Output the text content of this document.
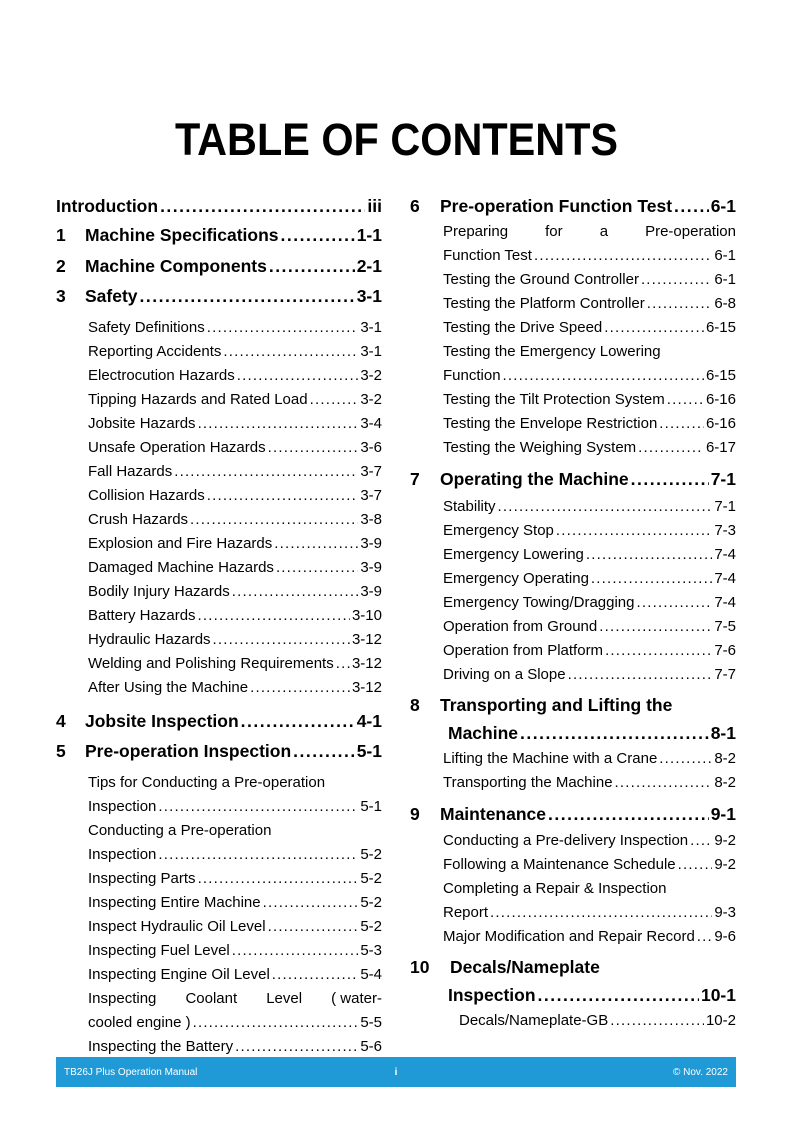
TABLE OF CONTENTS
Introduction .....	iii
1	Machine Specifications .....	1-1
2	Machine Components .....	2-1
3	Safety .....	3-1
Safety Definitions .....	3-1
Reporting Accidents .....	3-1
Electrocution Hazards .....	3-2
Tipping Hazards and Rated Load .....	3-2
Jobsite Hazards .....	3-4
Unsafe Operation Hazards .....	3-6
Fall Hazards .....	3-7
Collision Hazards .....	3-7
Crush Hazards .....	3-8
Explosion and Fire Hazards .....	3-9
Damaged Machine Hazards .....	3-9
Bodily Injury Hazards .....	3-9
Battery Hazards .....	3-10
Hydraulic Hazards .....	3-12
Welding and Polishing Requirements ..... 3-12
After Using the Machine .....	3-12
4	Jobsite Inspection .....	4-1
5	Pre-operation Inspection .....	5-1
Tips for Conducting a Pre-operation
Inspection .....	5-1
Conducting a Pre-operation
Inspection .....	5-2
Inspecting Parts .....	5-2
Inspecting Entire Machine .....	5-2
Inspect Hydraulic Oil Level .....	5-2
Inspecting Fuel Level .....	5-3
Inspecting Engine Oil Level .....	5-4
Inspecting Coolant Level ( water-
cooled engine ) .....	5-5
Inspecting the Battery .....	5-6
6	Pre-operation Function Test ..... 6-1
Preparing for a Pre-operation
Function Test .....	6-1
Testing the Ground Controller .....	6-1
Testing the Platform Controller .....	6-8
Testing the Drive Speed .....	6-15
Testing the Emergency Lowering
Function .....	6-15
Testing the Tilt Protection System .....	6-16
Testing the Envelope Restriction .....	6-16
Testing the Weighing System .....	6-17
7	Operating the Machine .....	7-1
Stability .....	7-1
Emergency Stop .....	7-3
Emergency Lowering .....	7-4
Emergency Operating .....	7-4
Emergency Towing/Dragging .....	7-4
Operation from Ground .....	7-5
Operation from Platform .....	7-6
Driving on a Slope .....	7-7
8	Transporting and Lifting the
Machine .....	8-1
Lifting the Machine with a Crane .....	8-2
Transporting the Machine .....	8-2
9	Maintenance .....	9-1
Conducting a Pre-delivery Inspection ..... 9-2
Following a Maintenance Schedule .....	9-2
Completing a Repair & Inspection
Report .....	9-3
Major Modification and Repair Record ..... 9-6
10	Decals/Nameplate
Inspection .....	10-1
Decals/Nameplate-GB .....	10-2
TB26J Plus Operation Manual	i	© Nov. 2022
